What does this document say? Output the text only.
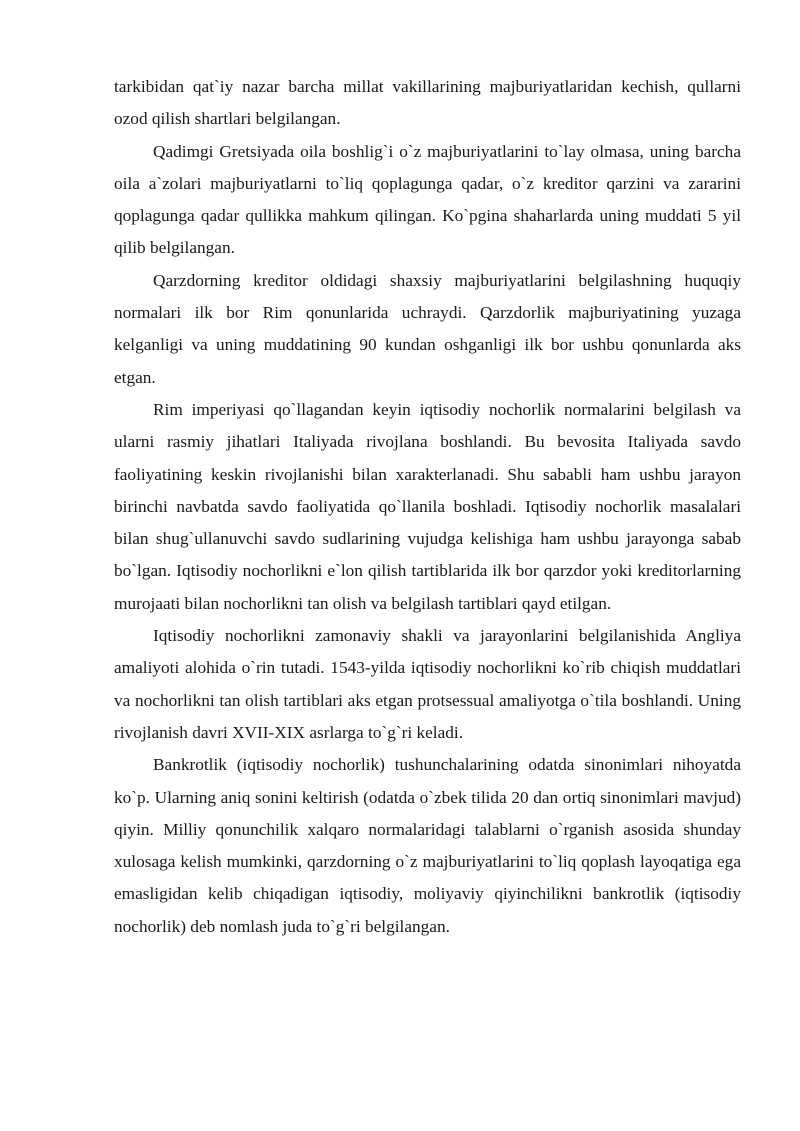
tarkibidan qat`iy nazar barcha millat vakillarining majburiyatlaridan kechish, qullarni ozod qilish shartlari belgilangan.

Qadimgi Gretsiyada oila boshlig`i o`z majburiyatlarini to`lay olmasa, uning barcha oila a`zolari majburiyatlarni to`liq qoplagunga qadar, o`z kreditor qarzini va zararini qoplagunga qadar qullikka mahkum qilingan. Ko`pgina shaharlarda uning muddati 5 yil qilib belgilangan.

Qarzdorning kreditor oldidagi shaxsiy majburiyatlarini belgilashning huquqiy normalari ilk bor Rim qonunlarida uchraydi. Qarzdorlik majburiyatining yuzaga kelganligi va uning muddatining 90 kundan oshganligi ilk bor ushbu qonunlarda aks etgan.

Rim imperiyasi qo`llagandan keyin iqtisodiy nochorlik normalarini belgilash va ularni rasmiy jihatlari Italiyada rivojlana boshlandi. Bu bevosita Italiyada savdo faoliyatining keskin rivojlanishi bilan xarakterlanadi. Shu sababli ham ushbu jarayon birinchi navbatda savdo faoliyatida qo`llanila boshladi. Iqtisodiy nochorlik masalalari bilan shug`ullanuvchi savdo sudlarining vujudga kelishiga ham ushbu jarayonga sabab bo`lgan. Iqtisodiy nochorlikni e`lon qilish tartiblarida ilk bor qarzdor yoki kreditorlarning murojaati bilan nochorlikni tan olish va belgilash tartiblari qayd etilgan.

Iqtisodiy nochorlikni zamonaviy shakli va jarayonlarini belgilanishida Angliya amaliyoti alohida o`rin tutadi. 1543-yilda iqtisodiy nochorlikni ko`rib chiqish muddatlari va nochorlikni tan olish tartiblari aks etgan protsessual amaliyotga o`tila boshlandi. Uning rivojlanish davri XVII-XIX asrlarga to`g`ri keladi.

Bankrotlik (iqtisodiy nochorlik) tushunchalarining odatda sinonimlari nihoyatda ko`p. Ularning aniq sonini keltirish (odatda o`zbek tilida 20 dan ortiq sinonimlari mavjud) qiyin. Milliy qonunchilik xalqaro normalaridagi talablarni o`rganish asosida shunday xulosaga kelish mumkinki, qarzdorning o`z majburiyatlarini to`liq qoplash layoqatiga ega emasligidan kelib chiqadigan iqtisodiy, moliyaviy qiyinchilikni bankrotlik (iqtisodiy nochorlik) deb nomlash juda to`g`ri belgilangan.
